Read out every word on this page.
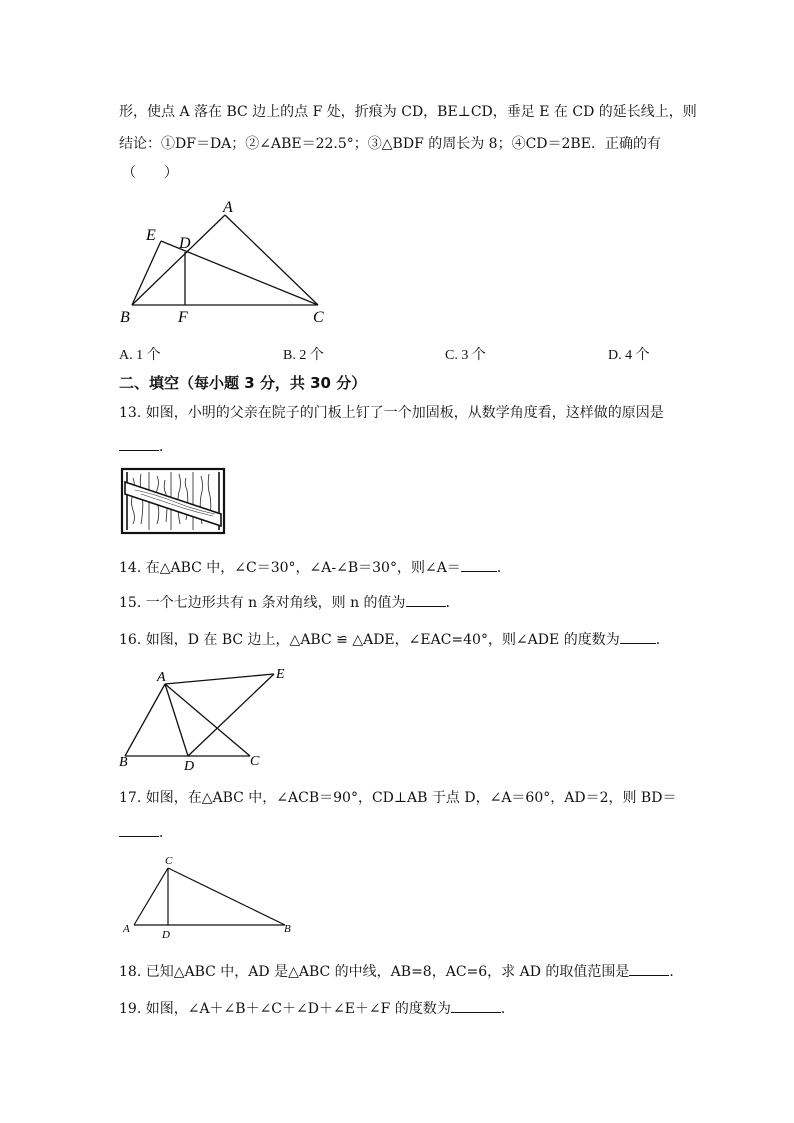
形，使点 A 落在 BC 边上的点 F 处，折痕为 CD，BE⊥CD，垂足 E 在 CD 的延长线上，则
结论：①DF＝DA；②∠ABE＝22.5°；③△BDF 的周长为 8；④CD＝2BE．正确的有
（　　）
A
E D
B	F	C
A. 1 个	B. 2 个	C. 3 个	D. 4 个
二、填空（每小题 3 分，共 30 分）
13. 如图，小明的父亲在院子的门板上钉了一个加固板，从数学角度看，这样做的原因是
．
14. 在△ABC 中，∠C＝30°，∠A-∠B＝30°，则∠A＝	．
15. 一个七边形共有 n 条对角线，则 n 的值为	．
16. 如图，D 在 BC 边上，△ABC ≌ △ADE，∠EAC=40°，则∠ADE 的度数为	．
A	E
B	D	C
17. 如图，在△ABC 中，∠ACB＝90°，CD⊥AB 于点 D，∠A＝60°，AD＝2，则 BD＝
．
C
A	D	B
18. 已知△ABC 中，AD 是△ABC 的中线，AB=8，AC=6，求 AD 的取值范围是	．
19. 如图，∠A＋∠B＋∠C＋∠D＋∠E＋∠F 的度数为	．
